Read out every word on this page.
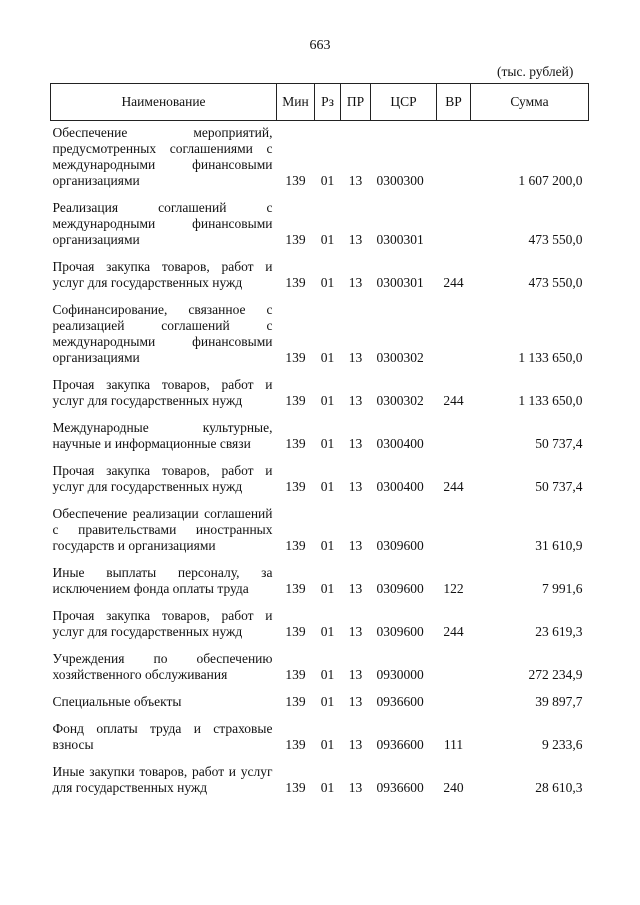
663
(тыс. рублей)
Наименование	Мин	Рз	ПР	ЦСР	ВР	Сумма
Обеспечение мероприятий, предусмотренных соглашениями с международными финансовыми организациями	139	01	13	0300300		1 607 200,0
Реализация соглашений с международными финансовыми организациями	139	01	13	0300301		473 550,0
Прочая закупка товаров, работ и услуг для государственных нужд	139	01	13	0300301	244	473 550,0
Софинансирование, связанное с реализацией соглашений с международными финансовыми организациями	139	01	13	0300302		1 133 650,0
Прочая закупка товаров, работ и услуг для государственных нужд	139	01	13	0300302	244	1 133 650,0
Международные культурные, научные и информационные связи	139	01	13	0300400		50 737,4
Прочая закупка товаров, работ и услуг для государственных нужд	139	01	13	0300400	244	50 737,4
Обеспечение реализации соглашений с правительствами иностранных государств и организациями	139	01	13	0309600		31 610,9
Иные выплаты персоналу, за исключением фонда оплаты труда	139	01	13	0309600	122	7 991,6
Прочая закупка товаров, работ и услуг для государственных нужд	139	01	13	0309600	244	23 619,3
Учреждения по обеспечению хозяйственного обслуживания	139	01	13	0930000		272 234,9
Специальные объекты	139	01	13	0936600		39 897,7
Фонд оплаты труда и страховые взносы	139	01	13	0936600	111	9 233,6
Иные закупки товаров, работ и услуг для государственных нужд	139	01	13	0936600	240	28 610,3
